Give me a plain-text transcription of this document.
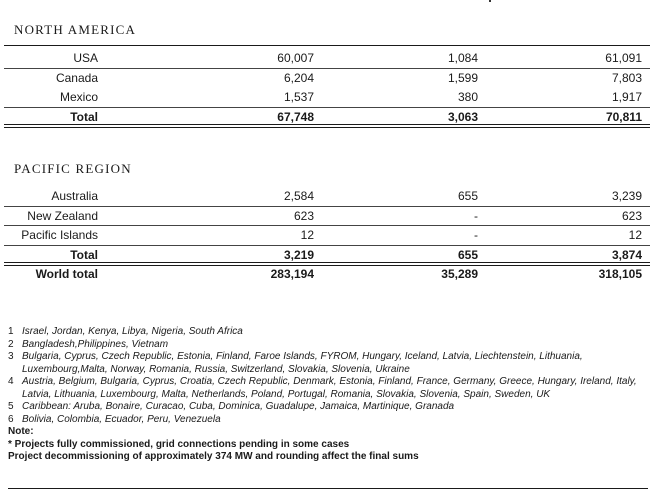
NORTH AMERICA
USA	60,007	1,084	61,091
Canada	6,204	1,599	7,803
Mexico	1,537	380	1,917
Total	67,748	3,063	70,811
PACIFIC REGION
Australia	2,584	655	3,239
New Zealand	623	-	623
Pacific Islands	12	-	12
Total	3,219	655	3,874
World total	283,194	35,289	318,105
1 Israel, Jordan, Kenya, Libya, Nigeria, South Africa
2 Bangladesh,Philippines, Vietnam
3 Bulgaria, Cyprus, Czech Republic, Estonia, Finland, Faroe Islands, FYROM, Hungary, Iceland, Latvia, Liechtenstein, Lithuania, Luxembourg,Malta, Norway, Romania, Russia, Switzerland, Slovakia, Slovenia, Ukraine
4 Austria, Belgium, Bulgaria, Cyprus, Croatia, Czech Republic, Denmark, Estonia, Finland, France, Germany, Greece, Hungary, Ireland, Italy, Latvia, Lithuania, Luxembourg, Malta, Netherlands, Poland, Portugal, Romania, Slovakia, Slovenia, Spain, Sweden, UK
5 Caribbean: Aruba, Bonaire, Curacao, Cuba, Dominica, Guadalupe, Jamaica, Martinique, Granada
6 Bolivia, Colombia, Ecuador, Peru, Venezuela
Note:
* Projects fully commissioned, grid connections pending in some cases
Project decommissioning of approximately 374 MW and rounding affect the final sums
